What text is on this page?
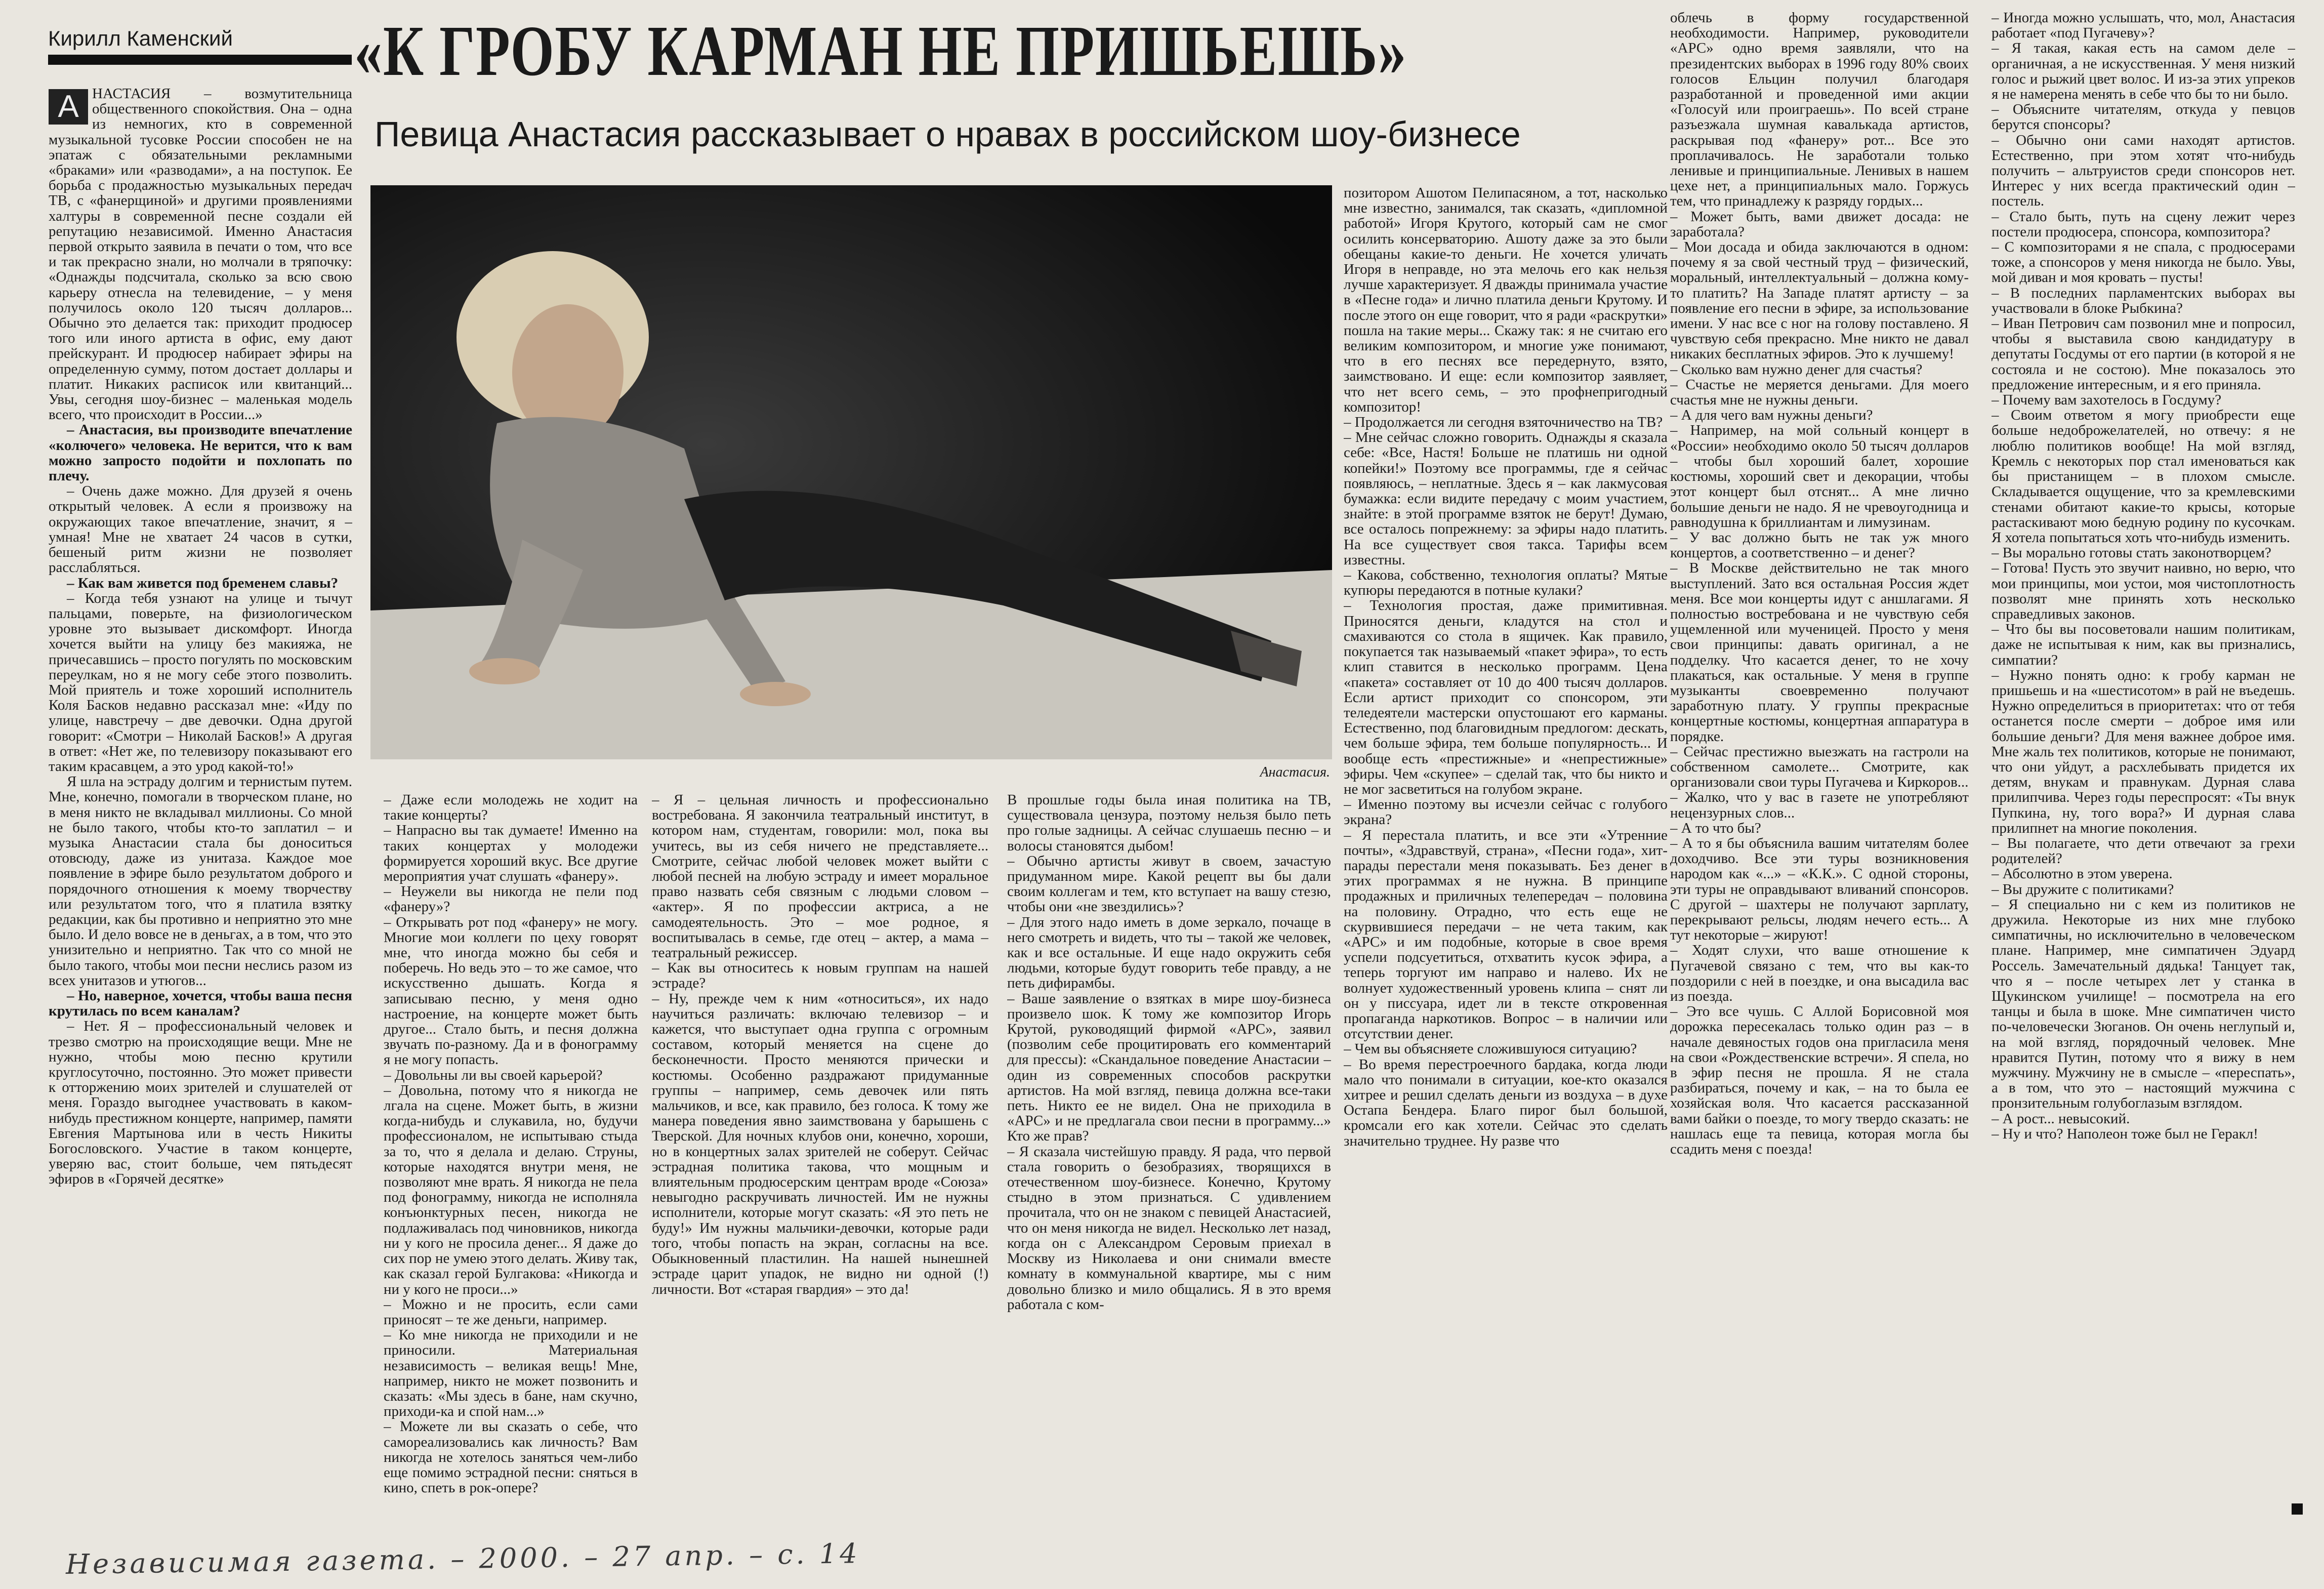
Кирилл Каменский	«К ГРОБУ КАРМАН НЕ ПРИШЬЕШЬ»
Певица Анастасия рассказывает о нравах в российском шоу-бизнесе
А НАСТАСИЯ – возмутительница общественного спокойствия. Она – одна из немногих, кто в современной музыкальной тусовке России способен не на эпатаж с обязательными рекламными «браками» или «разводами», а на поступок. Ее борьба с продажностью музыкальных передач ТВ, с «фанерщиной» и другими проявлениями халтуры в современной песне создали ей репутацию независимой. Именно Анастасия первой открыто заявила в печати о том, что все и так прекрасно знали, но молчали в тряпочку: «Однажды подсчитала, сколько за всю свою карьеру отнесла на телевидение, – у меня получилось около 120 тысяч долларов... Обычно это делается так: приходит продюсер того или иного артиста в офис, ему дают прейскурант. И продюсер набирает эфиры на определенную сумму, потом достает доллары и платит. Никаких расписок или квитанций... Увы, сегодня шоу-бизнес – маленькая модель всего, что происходит в России...»

– Анастасия, вы производите впечатление «колючего» человека. Не верится, что к вам можно запросто подойти и похлопать по плечу.

– Очень даже можно. Для друзей я очень открытый человек. А если я произвожу на окружающих такое впечатление, значит, я – умная! Мне не хватает 24 часов в сутки, бешеный ритм жизни не позволяет расслабляться.

– Как вам живется под бременем славы?

– Когда тебя узнают на улице и тычут пальцами, поверьте, на физиологическом уровне это вызывает дискомфорт. Иногда хочется выйти на улицу без макияжа, не причесавшись – просто погулять по московским переулкам, но я не могу себе этого позволить. Мой приятель и тоже хороший исполнитель Коля Басков недавно рассказал мне: «Иду по улице, навстречу – две девочки. Одна другой говорит: «Смотри – Николай Басков!» А другая в ответ: «Нет же, по телевизору показывают его таким красавцем, а это урод какой-то!»

Я шла на эстраду долгим и тернистым путем. Мне, конечно, помогали в творческом плане, но в меня никто не вкладывал миллионы. Со мной не было такого, чтобы кто-то заплатил – и музыка Анастасии стала бы доноситься отовсюду, даже из унитаза. Каждое мое появление в эфире было результатом доброго и порядочного отношения к моему творчеству или результатом того, что я платила взятку редакции, как бы противно и неприятно это мне было. И дело вовсе не в деньгах, а в том, что это унизительно и неприятно. Так что со мной не было такого, чтобы мои песни неслись разом из всех унитазов и утюгов...

– Но, наверное, хочется, чтобы ваша песня крутилась по всем каналам?

– Нет. Я – профессиональный человек и трезво смотрю на происходящие вещи. Мне не нужно, чтобы мою песню крутили круглосуточно, постоянно. Это может привести к отторжению моих зрителей и слушателей от меня. Гораздо выгоднее участвовать в каком-нибудь престижном концерте, например, памяти Евгения Мартынова или в честь Никиты Богословского. Участие в таком концерте, уверяю вас, стоит больше, чем пятьдесят эфиров в «Горячей десятке»

Анастасия.
– Даже если молодежь не ходит на такие концерты?
– Напрасно вы так думаете! Именно на таких концертах у молодежи формируется хороший вкус. Все другие мероприятия учат слушать «фанеру».
– Неужели вы никогда не пели под «фанеру»?
– Открывать рот под «фанеру» не могу. Многие мои коллеги по цеху говорят мне, что иногда можно бы себя и поберечь. Но ведь это – то же самое, что искусственно дышать. Когда я записываю песню, у меня одно настроение, на концерте может быть другое... Стало быть, и песня должна звучать по-разному. Да и в фонограмму я не могу попасть.
– Довольны ли вы своей карьерой?
– Довольна, потому что я никогда не лгала на сцене. Может быть, в жизни когда-нибудь и слукавила, но, будучи профессионалом, не испытываю стыда за то, что я делала и делаю. Струны, которые находятся внутри меня, не позволяют мне врать. Я никогда не пела под фонограмму, никогда не исполняла конъюнктурных песен, никогда не подлаживалась под чиновников, никогда ни у кого не просила денег... Я даже до сих пор не умею этого делать. Живу так, как сказал герой Булгакова: «Никогда и ни у кого не проси...»
– Можно и не просить, если сами приносят – те же деньги, например.
– Ко мне никогда не приходили и не приносили. Материальная независимость – великая вещь! Мне, например, никто не может позвонить и сказать: «Мы здесь в бане, нам скучно, приходи-ка и спой нам...»
– Можете ли вы сказать о себе, что самореализовались как личность? Вам никогда не хотелось заняться чем-либо еще помимо эстрадной песни: сняться в кино, спеть в рок-опере?
– Я – цельная личность и профессионально востребована. Я закончила театральный институт, в котором нам, студентам, говорили: мол, пока вы учитесь, вы из себя ничего не представляете... Смотрите, сейчас любой человек может выйти с любой песней на любую эстраду и имеет моральное право назвать себя связным с людьми словом – «актер». Я по профессии актриса, а не самодеятельность. Это – мое родное, я воспитывалась в семье, где отец – актер, а мама – театральный режиссер.
– Как вы относитесь к новым группам на нашей эстраде?
– Ну, прежде чем к ним «относиться», их надо научиться различать: включаю телевизор – и кажется, что выступает одна группа с огромным составом, который меняется на сцене до бесконечности. Просто меняются прически и костюмы. Особенно раздражают придуманные группы – например, семь девочек или пять мальчиков, и все, как правило, без голоса. К тому же манера поведения явно заимствована у барышень с Тверской. Для ночных клубов они, конечно, хороши, но в концертных залах зрителей не соберут. Сейчас эстрадная политика такова, что мощным и влиятельным продюсерским центрам вроде «Союза» невыгодно раскручивать личностей. Им не нужны исполнители, которые могут сказать: «Я это петь не буду!» Им нужны мальчики-девочки, которые ради того, чтобы попасть на экран, согласны на все. Обыкновенный пластилин. На нашей нынешней эстраде царит упадок, не видно ни одной (!) личности. Вот «старая гвардия» – это да!
В прошлые годы была иная политика на ТВ, существовала цензура, поэтому нельзя было петь про голые задницы. А сейчас слушаешь песню – и волосы становятся дыбом!
– Обычно артисты живут в своем, зачастую придуманном мире. Какой рецепт вы бы дали своим коллегам и тем, кто вступает на вашу стезю, чтобы они «не звездились»?
– Для этого надо иметь в доме зеркало, почаще в него смотреть и видеть, что ты – такой же человек, как и все остальные. И еще надо окружить себя людьми, которые будут говорить тебе правду, а не петь дифирамбы.
– Ваше заявление о взятках в мире шоу-бизнеса произвело шок. К тому же композитор Игорь Крутой, руководящий фирмой «АРС», заявил (позволим себе процитировать его комментарий для прессы): «Скандальное поведение Анастасии – один из современных способов раскрутки артистов. На мой взгляд, певица должна все-таки петь. Никто ее не видел. Она не приходила в «АРС» и не предлагала свои песни в программу...» Кто же прав?
– Я сказала чистейшую правду. Я рада, что первой стала говорить о безобразиях, творящихся в отечественном шоу-бизнесе. Конечно, Крутому стыдно в этом признаться. С удивлением прочитала, что он не знаком с певицей Анастасией, что он меня никогда не видел. Несколько лет назад, когда он с Александром Серовым приехал в Москву из Николаева и они снимали вместе комнату в коммунальной квартире, мы с ним довольно близко и мило общались. Я в это время работала с ком-
позитором Ашотом Пелипасяном, а тот, насколько мне известно, занимался, так сказать, «дипломной работой» Игоря Крутого, который сам не смог осилить консерваторию. Ашоту даже за это были обещаны какие-то деньги. Не хочется уличать Игоря в неправде, но эта мелочь его как нельзя лучше характеризует. Я дважды принимала участие в «Песне года» и лично платила деньги Крутому. И после этого он еще говорит, что я ради «раскрутки» пошла на такие меры... Скажу так: я не считаю его великим композитором, и многие уже понимают, что в его песнях все передернуто, взято, заимствовано. И еще: если композитор заявляет, что нет всего семь, – это профнепригодный композитор!
– Продолжается ли сегодня взяточничество на ТВ?
– Мне сейчас сложно говорить. Однажды я сказала себе: «Все, Настя! Больше не платишь ни одной копейки!» Поэтому все программы, где я сейчас появляюсь, – неплатные. Здесь я – как лакмусовая бумажка: если видите передачу с моим участием, знайте: в этой программе взяток не берут! Думаю, все осталось попрежнему: за эфиры надо платить. На все существует своя такса. Тарифы всем известны.
– Какова, собственно, технология оплаты? Мятые купюры передаются в потные кулаки?
– Технология простая, даже примитивная. Приносятся деньги, кладутся на стол и смахиваются со стола в ящичек. Как правило, покупается так называемый «пакет эфира», то есть клип ставится в несколько программ. Цена «пакета» составляет от 10 до 400 тысяч долларов. Если артист приходит со спонсором, эти теледеятели мастерски опустошают его карманы. Естественно, под благовидным предлогом: дескать, чем больше эфира, тем больше популярность... И вообще есть «престижные» и «непрестижные» эфиры. Чем «скупее» – сделай так, что бы никто и не мог засветиться на голубом экране.
– Именно поэтому вы исчезли сейчас с голубого экрана?
– Я перестала платить, и все эти «Утренние почты», «Здравствуй, страна», «Песни года», хит-парады перестали меня показывать. Без денег в этих программах я не нужна. В принципе продажных и приличных телепередач – половина на половину. Отрадно, что есть еще не скурвившиеся передачи – не чета таким, как «АРС» и им подобные, которые в свое время успели подсуетиться, отхватить кусок эфира, а теперь торгуют им направо и налево. Их не волнует художественный уровень клипа – снят ли он у писсуара, идет ли в тексте откровенная пропаганда наркотиков. Вопрос – в наличии или отсутствии денег.
– Чем вы объясняете сложившуюся ситуацию?
– Во время перестроечного бардака, когда люди мало что понимали в ситуации, кое-кто оказался хитрее и решил сделать деньги из воздуха – в духе Остапа Бендера. Благо пирог был большой, кромсали его как хотели. Сейчас это сделать значительно труднее. Ну разве что
облечь в форму государственной необходимости. Например, руководители «АРС» одно время заявляли, что на президентских выборах в 1996 году 80% своих голосов Ельцин получил благодаря разработанной и проведенной ими акции «Голосуй или проиграешь». По всей стране разъезжала шумная кавалькада артистов, раскрывая под «фанеру» рот... Все это проплачивалось. Не заработали только ленивые и принципиальные. Ленивых в нашем цехе нет, а принципиальных мало. Горжусь тем, что принадлежу к разряду гордых...
– Может быть, вами движет досада: не заработала?
– Мои досада и обида заключаются в одном: почему я за свой честный труд – физический, моральный, интеллектуальный – должна кому-то платить? На Западе платят артисту – за появление его песни в эфире, за использование имени. У нас все с ног на голову поставлено. Я чувствую себя прекрасно. Мне никто не давал никаких бесплатных эфиров. Это к лучшему!
– Сколько вам нужно денег для счастья?
– Счастье не меряется деньгами. Для моего счастья мне не нужны деньги.
– А для чего вам нужны деньги?
– Например, на мой сольный концерт в «России» необходимо около 50 тысяч долларов – чтобы был хороший балет, хорошие костюмы, хороший свет и декорации, чтобы этот концерт был отснят... А мне лично большие деньги не надо. Я не чревоугодница и равнодушна к бриллиантам и лимузинам.
– У вас должно быть не так уж много концертов, а соответственно – и денег?
– В Москве действительно не так много выступлений. Зато вся остальная Россия ждет меня. Все мои концерты идут с аншлагами. Я полностью востребована и не чувствую себя ущемленной или мученицей. Просто у меня свои принципы: давать оригинал, а не подделку. Что касается денег, то не хочу плакаться, как остальные. У меня в группе музыканты своевременно получают заработную плату. У группы прекрасные концертные костюмы, концертная аппаратура в порядке.
– Сейчас престижно выезжать на гастроли на собственном самолете... Смотрите, как организовали свои туры Пугачева и Киркоров...
– Жалко, что у вас в газете не употребляют нецензурных слов...
– А то что бы?
– А то я бы объяснила вашим читателям более доходчиво. Все эти туры возникновения народом как «...» – «К.К.». С одной стороны, эти туры не оправдывают вливаний спонсоров. С другой – шахтеры не получают зарплату, перекрывают рельсы, людям нечего есть... А тут некоторые – жируют!
– Ходят слухи, что ваше отношение к Пугачевой связано с тем, что вы как-то поздорили с ней в поездке, и она высадила вас из поезда.
– Это все чушь. С Аллой Борисовной моя дорожка пересекалась только один раз – в начале девяностых годов она пригласила меня на свои «Рождественские встречи». Я спела, но в эфир песня не прошла. Я не стала разбираться, почему и как, – на то была ее хозяйская воля. Что касается рассказанной вами байки о поезде, то могу твердо сказать: не нашлась еще та певица, которая могла бы ссадить меня с поезда!
– Иногда можно услышать, что, мол, Анастасия работает «под Пугачеву»?
– Я такая, какая есть на самом деле – органичная, а не искусственная. У меня низкий голос и рыжий цвет волос. И из-за этих упреков я не намерена менять в себе что бы то ни было.
– Объясните читателям, откуда у певцов берутся спонсоры?
– Обычно они сами находят артистов. Естественно, при этом хотят что-нибудь получить – альтруистов среди спонсоров нет. Интерес у них всегда практический один – постель.
– Стало быть, путь на сцену лежит через постели продюсера, спонсора, композитора?
– С композиторами я не спала, с продюсерами тоже, а спонсоров у меня никогда не было. Увы, мой диван и моя кровать – пусты!
– В последних парламентских выборах вы участвовали в блоке Рыбкина?
– Иван Петрович сам позвонил мне и попросил, чтобы я выставила свою кандидатуру в депутаты Госдумы от его партии (в которой я не состояла и не состою). Мне показалось это предложение интересным, и я его приняла.
– Почему вам захотелось в Госдуму?
– Своим ответом я могу приобрести еще больше недоброжелателей, но отвечу: я не люблю политиков вообще! На мой взгляд, Кремль с некоторых пор стал именоваться как бы пристанищем – в плохом смысле. Складывается ощущение, что за кремлевскими стенами обитают какие-то крысы, которые растаскивают мою бедную родину по кусочкам. Я хотела попытаться хоть что-нибудь изменить.
– Вы морально готовы стать законотворцем?
– Готова! Пусть это звучит наивно, но верю, что мои принципы, мои устои, моя чистоплотность позволят мне принять хоть несколько справедливых законов.
– Что бы вы посоветовали нашим политикам, даже не испытывая к ним, как вы признались, симпатии?
– Нужно понять одно: к гробу карман не пришьешь и на «шестисотом» в рай не въедешь. Нужно определиться в приоритетах: что от тебя останется после смерти – доброе имя или большие деньги? Для меня важнее доброе имя. Мне жаль тех политиков, которые не понимают, что они уйдут, а расхлебывать придется их детям, внукам и правнукам. Дурная слава прилипчива. Через годы переспросят: «Ты внук Пупкина, ну, того вора?» И дурная слава прилипнет на многие поколения.
– Вы полагаете, что дети отвечают за грехи родителей?
– Абсолютно в этом уверена.
– Вы дружите с политиками?
– Я специально ни с кем из политиков не дружила. Некоторые из них мне глубоко симпатичны, но исключительно в человеческом плане. Например, мне симпатичен Эдуард Россель. Замечательный дядька! Танцует так, что я – после четырех лет у станка в Щукинском училище! – посмотрела на его танцы и была в шоке. Мне симпатичен чисто по-человечески Зюганов. Он очень неглупый и, на мой взгляд, порядочный человек. Мне нравится Путин, потому что я вижу в нем мужчину. Мужчину не в смысле – «переспать», а в том, что это – настоящий мужчина с пронзительным голубоглазым взглядом.
– А рост... невысокий.
– Ну и что? Наполеон тоже был не Геракл!
Независимая газета. – 2000. – 27 апр. – с. 14
